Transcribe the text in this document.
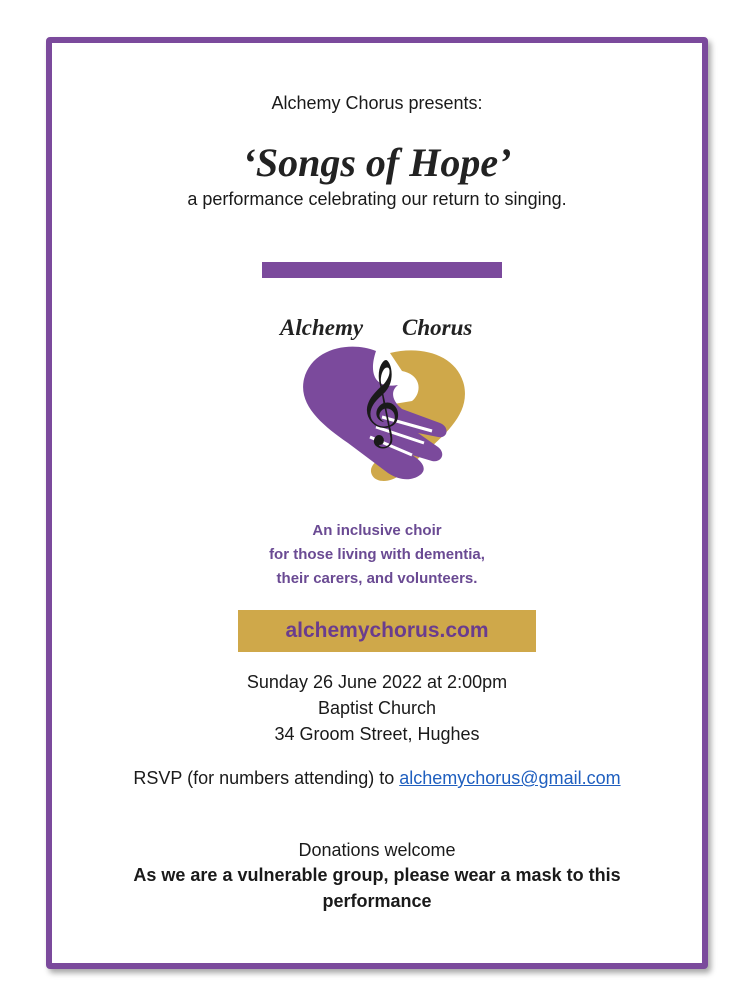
Alchemy Chorus presents:
‘Songs of Hope’
a performance celebrating our return to singing.
Alchemy Chorus
𝄞
An inclusive choir
for those living with dementia,
their carers, and volunteers.
alchemychorus.com
Sunday 26 June 2022 at 2:00pm
Baptist Church
34 Groom Street, Hughes
RSVP (for numbers attending) to alchemychorus@gmail.com
Donations welcome
As we are a vulnerable group, please wear a mask to this performance
